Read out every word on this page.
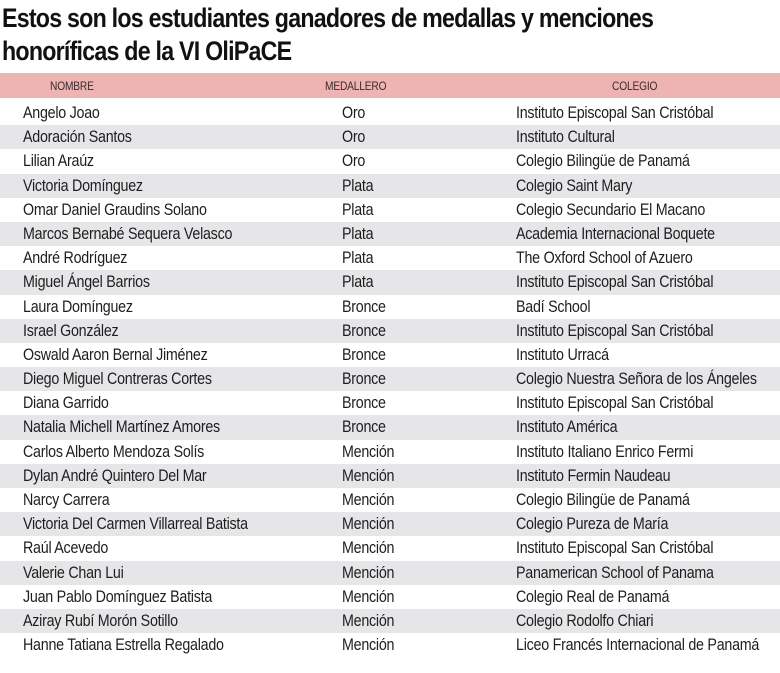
Estos son los estudiantes ganadores de medallas y menciones
honoríficas de la VI OliPaCE
NOMBRE	MEDALLERO	COLEGIO
Angelo Joao	Oro	Instituto Episcopal San Cristóbal
Adoración Santos	Oro	Instituto Cultural
Lilian Araúz	Oro	Colegio Bilingüe de Panamá
Victoria Domínguez	Plata	Colegio Saint Mary
Omar Daniel Graudins Solano	Plata	Colegio Secundario El Macano
Marcos Bernabé Sequera Velasco	Plata	Academia Internacional Boquete
André Rodríguez	Plata	The Oxford School of Azuero
Miguel Ángel Barrios	Plata	Instituto Episcopal San Cristóbal
Laura Domínguez	Bronce	Badí School
Israel González	Bronce	Instituto Episcopal San Cristóbal
Oswald Aaron Bernal Jiménez	Bronce	Instituto Urracá
Diego Miguel Contreras Cortes	Bronce	Colegio Nuestra Señora de los Ángeles
Diana Garrido	Bronce	Instituto Episcopal San Cristóbal
Natalia Michell Martínez Amores	Bronce	Instituto América
Carlos Alberto Mendoza Solís	Mención	Instituto Italiano Enrico Fermi
Dylan André Quintero Del Mar	Mención	Instituto Fermin Naudeau
Narcy Carrera	Mención	Colegio Bilingüe de Panamá
Victoria Del Carmen Villarreal Batista	Mención	Colegio Pureza de María
Raúl Acevedo	Mención	Instituto Episcopal San Cristóbal
Valerie Chan Lui	Mención	Panamerican School of Panama
Juan Pablo Domínguez Batista	Mención	Colegio Real de Panamá
Aziray Rubí Morón Sotillo	Mención	Colegio Rodolfo Chiari
Hanne Tatiana Estrella Regalado	Mención	Liceo Francés Internacional de Panamá
